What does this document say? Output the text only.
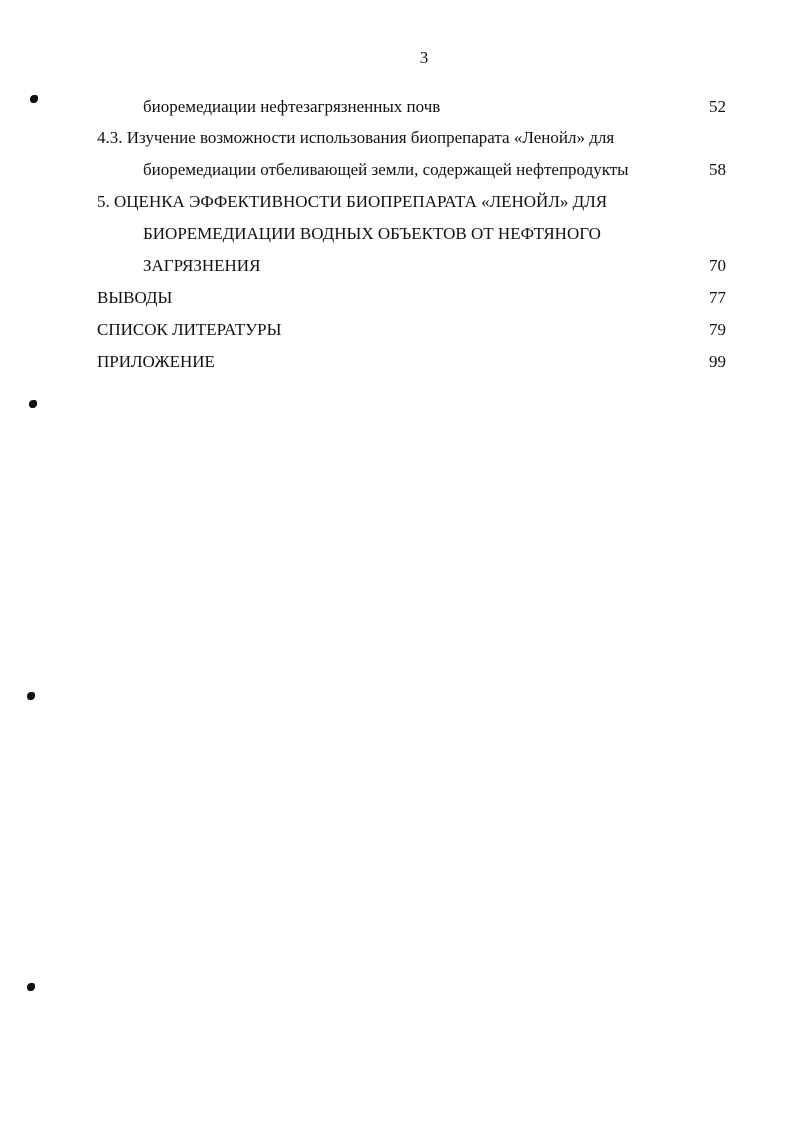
3
биоремедиации нефтезагрязненных почв	52
4.3. Изучение возможности использования биопрепарата «Ленойл» для
биоремедиации отбеливающей земли, содержащей нефтепродукты	58
5. ОЦЕНКА ЭФФЕКТИВНОСТИ БИОПРЕПАРАТА «ЛЕНОЙЛ» ДЛЯ
БИОРЕМЕДИАЦИИ ВОДНЫХ ОБЪЕКТОВ ОТ НЕФТЯНОГО
ЗАГРЯЗНЕНИЯ	70
ВЫВОДЫ	77
СПИСОК ЛИТЕРАТУРЫ	79
ПРИЛОЖЕНИЕ	99
